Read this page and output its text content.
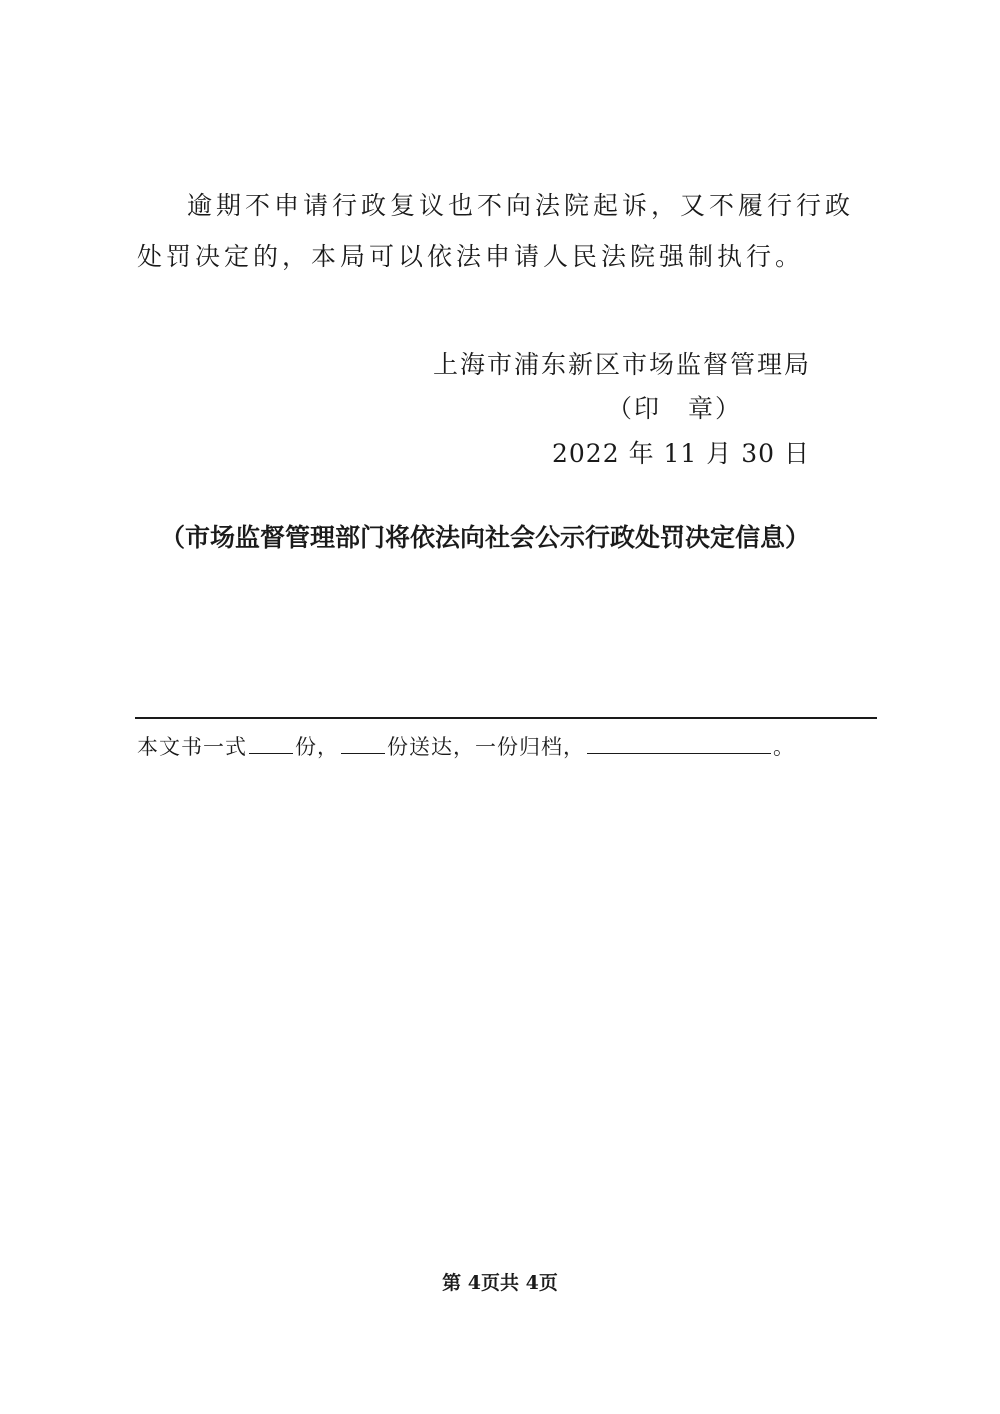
逾期不申请行政复议也不向法院起诉，又不履行行政处罚决定的，本局可以依法申请人民法院强制执行。

上海市浦东新区市场监督管理局
（印　章）
2022 年 11 月 30 日
（市场监督管理部门将依法向社会公示行政处罚决定信息）
本文书一式 份， 份送达，一份归档，	。
第 4页共 4页
